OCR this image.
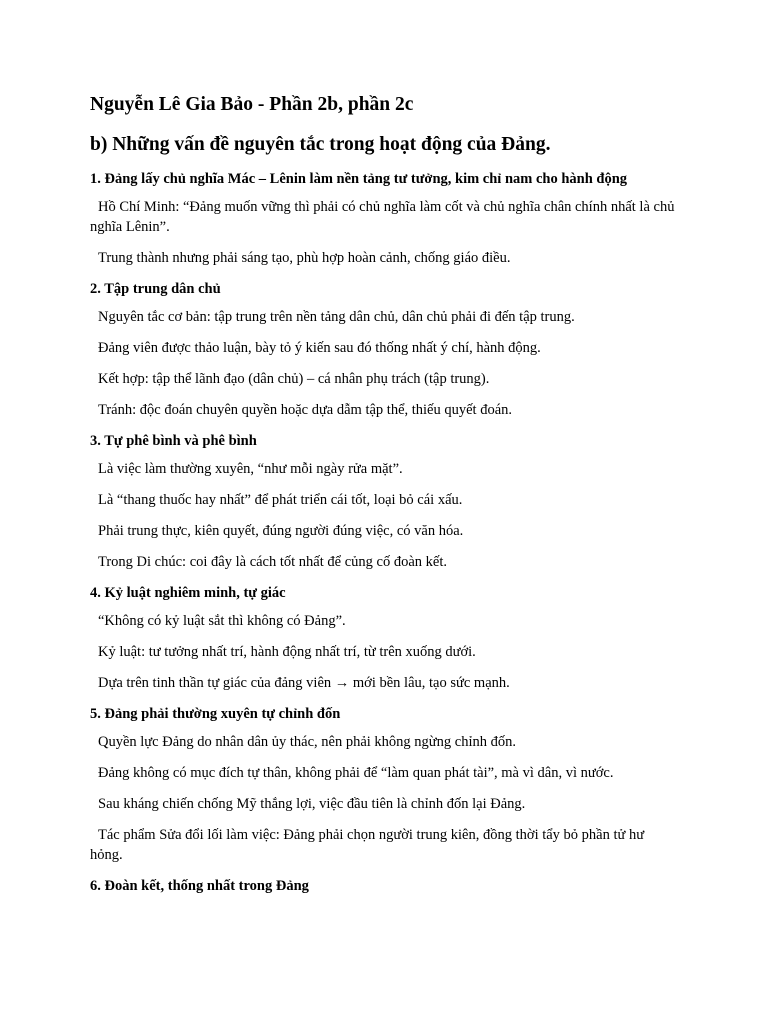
Nguyễn Lê Gia Bảo - Phần 2b, phần 2c
b) Những vấn đề nguyên tắc trong hoạt động của Đảng.
1. Đảng lấy chủ nghĩa Mác – Lênin làm nền tảng tư tưởng, kim chỉ nam cho hành động

Hồ Chí Minh: “Đảng muốn vững thì phải có chủ nghĩa làm cốt và chủ nghĩa chân chính nhất là chủ nghĩa Lênin”.

Trung thành nhưng phải sáng tạo, phù hợp hoàn cảnh, chống giáo điều.

2. Tập trung dân chủ

Nguyên tắc cơ bản: tập trung trên nền tảng dân chủ, dân chủ phải đi đến tập trung.

Đảng viên được thảo luận, bày tỏ ý kiến sau đó thống nhất ý chí, hành động.

Kết hợp: tập thể lãnh đạo (dân chủ) – cá nhân phụ trách (tập trung).

Tránh: độc đoán chuyên quyền hoặc dựa dẫm tập thể, thiếu quyết đoán.

3. Tự phê bình và phê bình

Là việc làm thường xuyên, “như mỗi ngày rửa mặt”.

Là “thang thuốc hay nhất” để phát triển cái tốt, loại bỏ cái xấu.

Phải trung thực, kiên quyết, đúng người đúng việc, có văn hóa.

Trong Di chúc: coi đây là cách tốt nhất để củng cố đoàn kết.

4. Kỷ luật nghiêm minh, tự giác

“Không có kỷ luật sắt thì không có Đảng”.

Kỷ luật: tư tưởng nhất trí, hành động nhất trí, từ trên xuống dưới.

Dựa trên tinh thần tự giác của đảng viên → mới bền lâu, tạo sức mạnh.

5. Đảng phải thường xuyên tự chỉnh đốn

Quyền lực Đảng do nhân dân ủy thác, nên phải không ngừng chỉnh đốn.

Đảng không có mục đích tự thân, không phải để “làm quan phát tài”, mà vì dân, vì nước.

Sau kháng chiến chống Mỹ thắng lợi, việc đầu tiên là chỉnh đốn lại Đảng.

Tác phẩm Sửa đổi lối làm việc: Đảng phải chọn người trung kiên, đồng thời tẩy bỏ phần tử hư hỏng.

6. Đoàn kết, thống nhất trong Đảng
